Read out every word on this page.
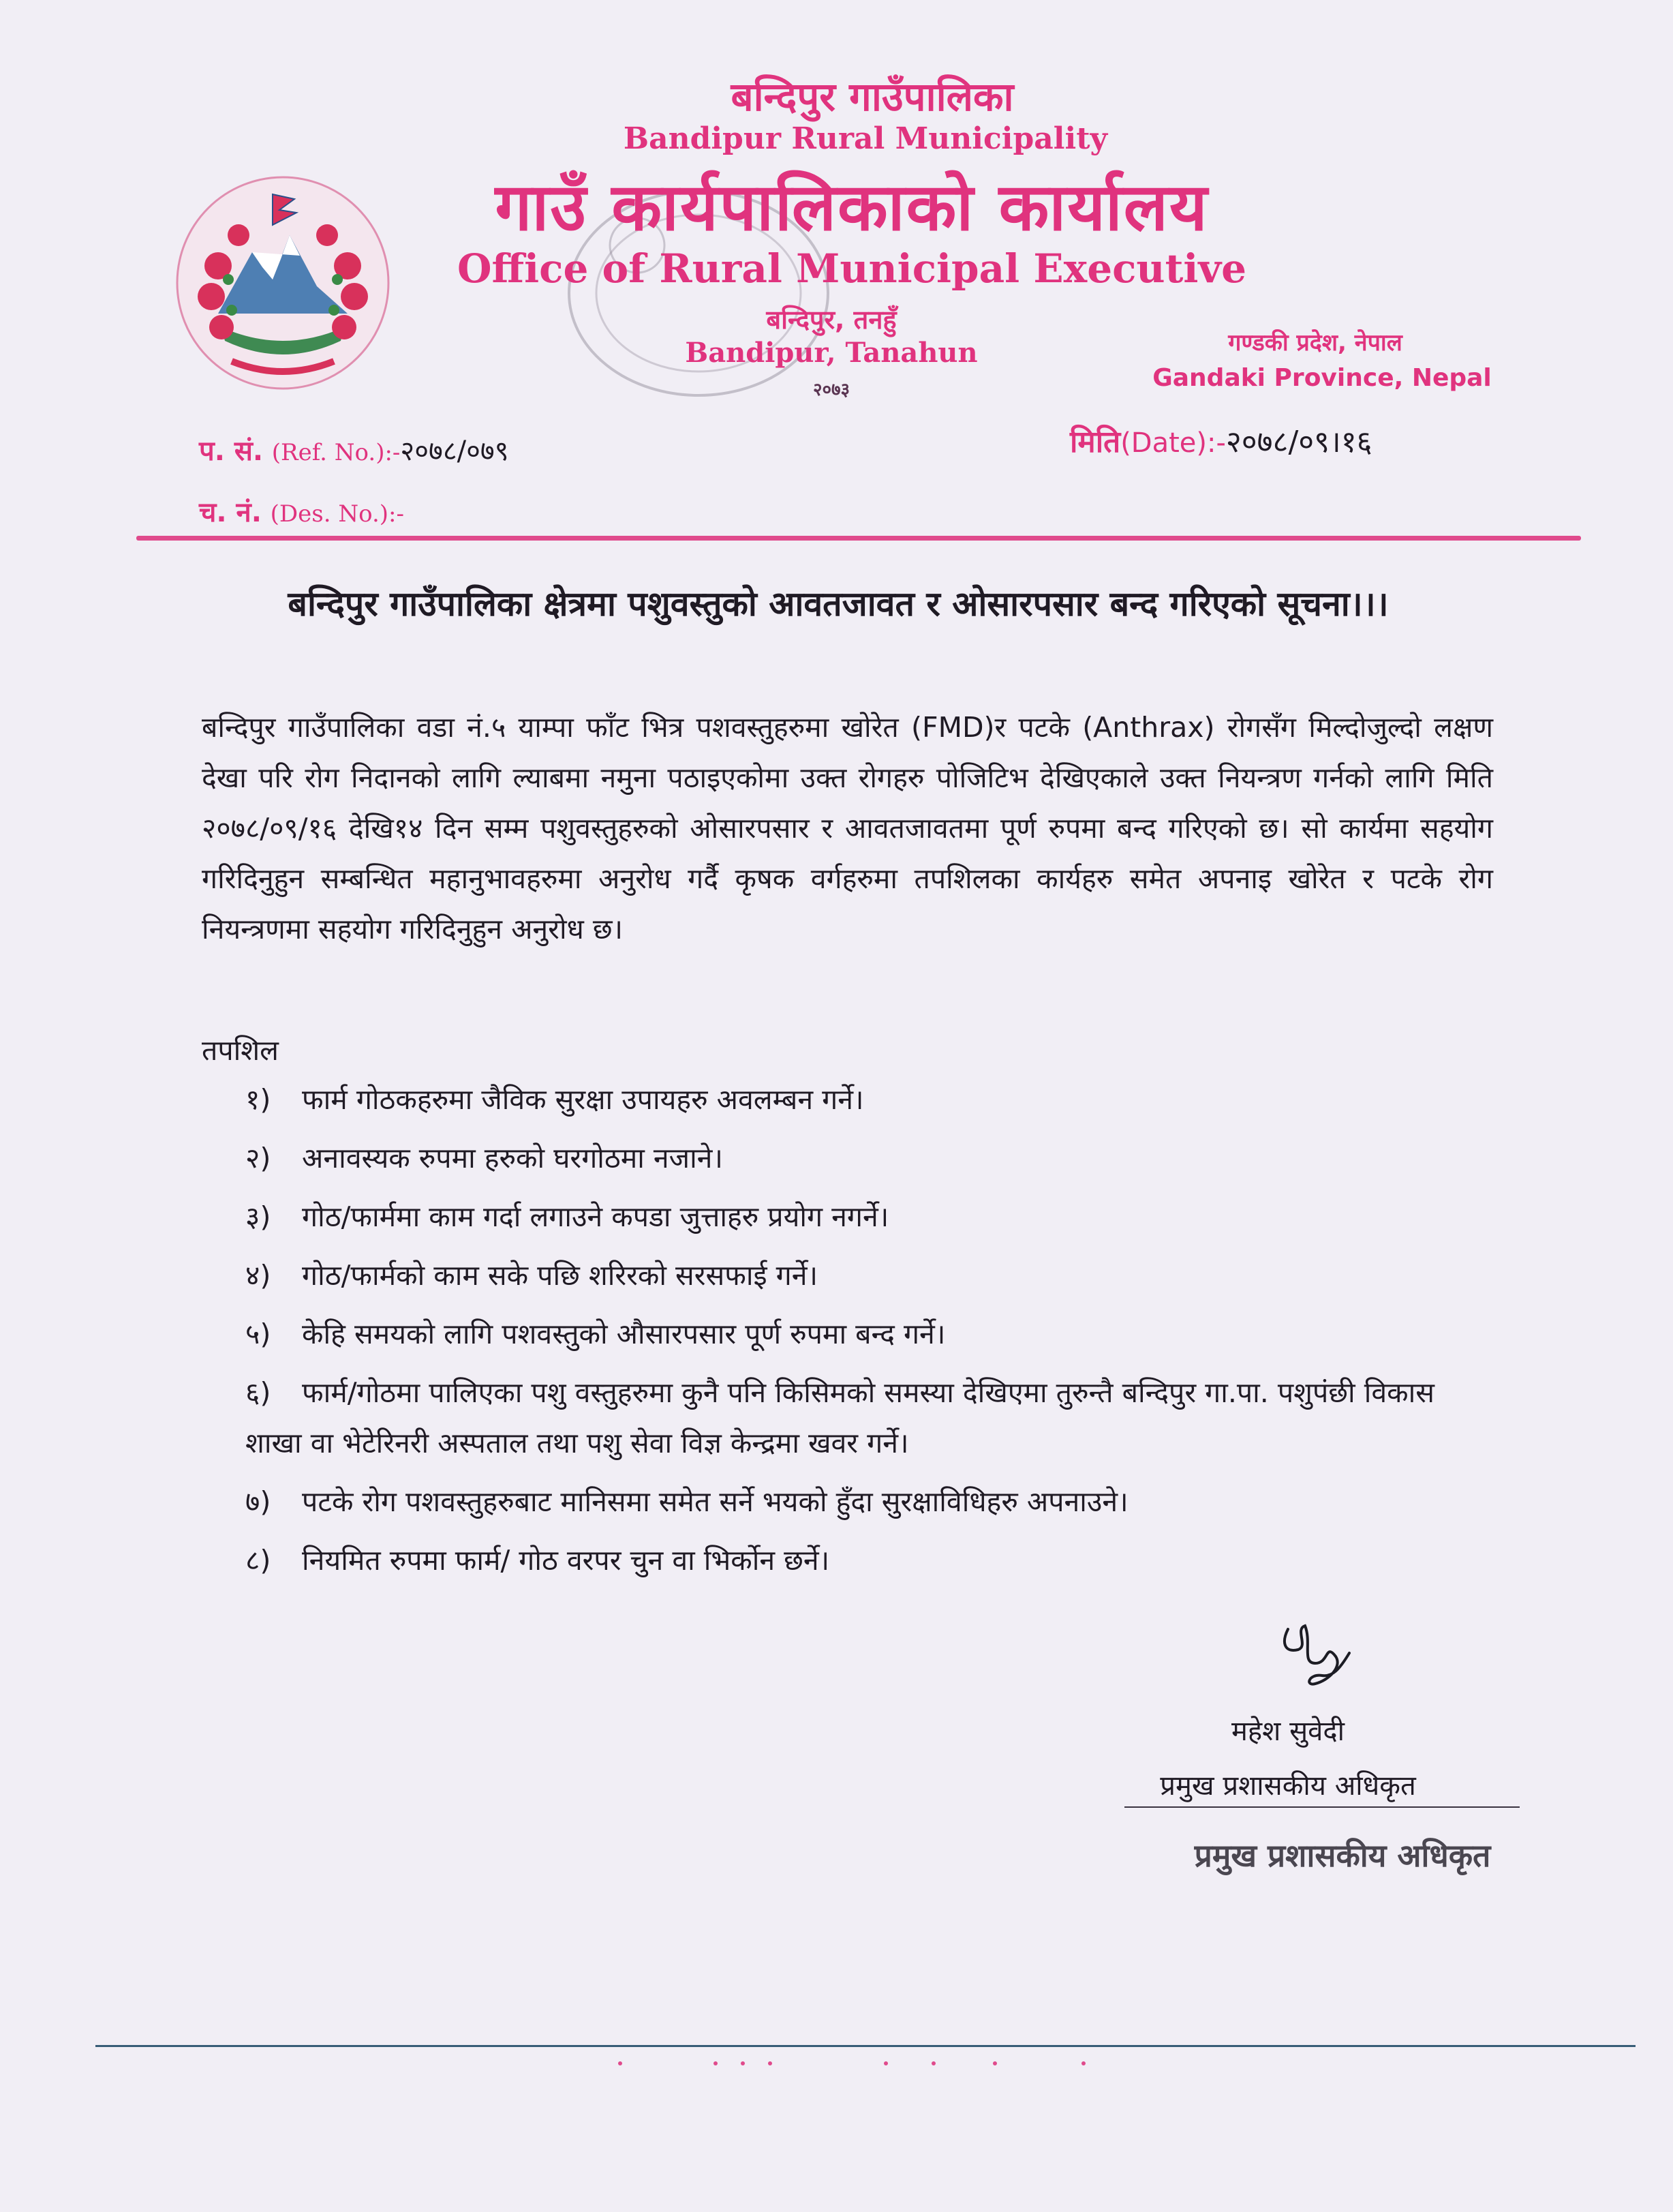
बन्दिपुर गाउँपालिका
Bandipur Rural Municipality
गाउँ कार्यपालिकाको कार्यालय
Office of Rural Municipal Executive
बन्दिपुर, तनहुँ
Bandipur, Tanahun
२०७३
गण्डकी प्रदेश, नेपाल
Gandaki Province, Nepal
प. सं. (Ref. No.):-२०७८/०७९	मिति(Date):-२०७८/०९।१६
च. नं. (Des. No.):-
बन्दिपुर गाउँपालिका क्षेत्रमा पशुवस्तुको आवतजावत र ओसारपसार बन्द गरिएको सूचना।।।
बन्दिपुर गाउँपालिका वडा नं.५ याम्पा फाँट भित्र पशवस्तुहरुमा खोरेत (FMD)र पटके (Anthrax) रोगसँग मिल्दोजुल्दो लक्षण देखा परि रोग निदानको लागि ल्याबमा नमुना पठाइएकोमा उक्त रोगहरु पोजिटिभ देखिएकाले उक्त नियन्त्रण गर्नको लागि मिति २०७८/०९/१६ देखि१४ दिन सम्म पशुवस्तुहरुको ओसारपसार र आवतजावतमा पूर्ण रुपमा बन्द गरिएको छ। सो कार्यमा सहयोग गरिदिनुहुन सम्बन्धित महानुभावहरुमा अनुरोध गर्दै कृषक वर्गहरुमा तपशिलका कार्यहरु समेत अपनाइ खोरेत र पटके रोग नियन्त्रणमा सहयोग गरिदिनुहुन अनुरोध छ।
तपशिल
१) फार्म गोठकहरुमा जैविक सुरक्षा उपायहरु अवलम्बन गर्ने।
२) अनावस्यक रुपमा हरुको घरगोठमा नजाने।
३) गोठ/फार्ममा काम गर्दा लगाउने कपडा जुत्ताहरु प्रयोग नगर्ने।
४) गोठ/फार्मको काम सके पछि शरिरको सरसफाई गर्ने।
५) केहि समयको लागि पशवस्तुको औसारपसार पूर्ण रुपमा बन्द गर्ने।
६) फार्म/गोठमा पालिएका पशु वस्तुहरुमा कुनै पनि किसिमको समस्या देखिएमा तुरुन्तै बन्दिपुर गा.पा. पशुपंछी विकास शाखा वा भेटेरिनरी अस्पताल तथा पशु सेवा विज्ञ केन्द्रमा खवर गर्ने।
७) पटके रोग पशवस्तुहरुबाट मानिसमा समेत सर्ने भयको हुँदा सुरक्षाविधिहरु अपनाउने।
८) नियमित रुपमा फार्म/ गोठ वरपर चुन वा भिर्कोन छर्ने।
महेश सुवेदी
प्रमुख प्रशासकीय अधिकृत
प्रमुख प्रशासकीय अधिकृत
